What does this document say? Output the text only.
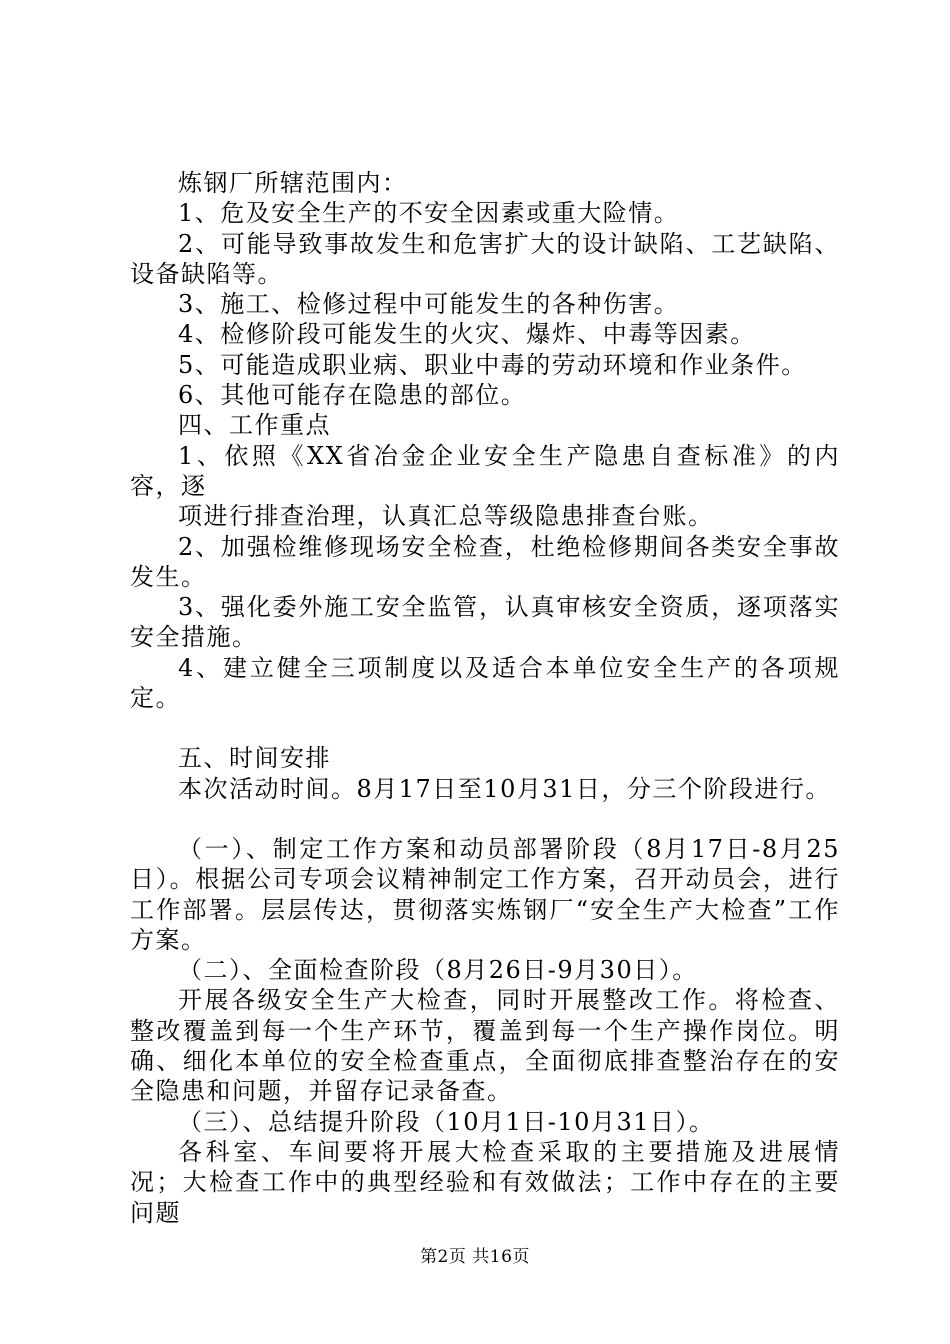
炼钢厂所辖范围内：

1、危及安全生产的不安全因素或重大险情。

2、可能导致事故发生和危害扩大的设计缺陷、工艺缺陷、设备缺陷等。

3、施工、检修过程中可能发生的各种伤害。

4、检修阶段可能发生的火灾、爆炸、中毒等因素。

5、可能造成职业病、职业中毒的劳动环境和作业条件。

6、其他可能存在隐患的部位。

四、工作重点

1、依照《XX省冶金企业安全生产隐患自查标准》的内容，逐

项进行排查治理，认真汇总等级隐患排查台账。

2、加强检维修现场安全检查，杜绝检修期间各类安全事故发生。

3、强化委外施工安全监管，认真审核安全资质，逐项落实安全措施。

4、建立健全三项制度以及适合本单位安全生产的各项规定。

五、时间安排

本次活动时间。8月17日至10月31日，分三个阶段进行。

（一）、制定工作方案和动员部署阶段（8月17日-8月25日）。根据公司专项会议精神制定工作方案，召开动员会，进行工作部署。层层传达，贯彻落实炼钢厂“安全生产大检查”工作方案。

（二）、全面检查阶段（8月26日-9月30日）。

开展各级安全生产大检查，同时开展整改工作。将检查、整改覆盖到每一个生产环节，覆盖到每一个生产操作岗位。明确、细化本单位的安全检查重点，全面彻底排查整治存在的安全隐患和问题，并留存记录备查。

（三）、总结提升阶段（10月1日-10月31日）。

各科室、车间要将开展大检查采取的主要措施及进展情况；大检查工作中的典型经验和有效做法；工作中存在的主要问题

第2页 共16页
